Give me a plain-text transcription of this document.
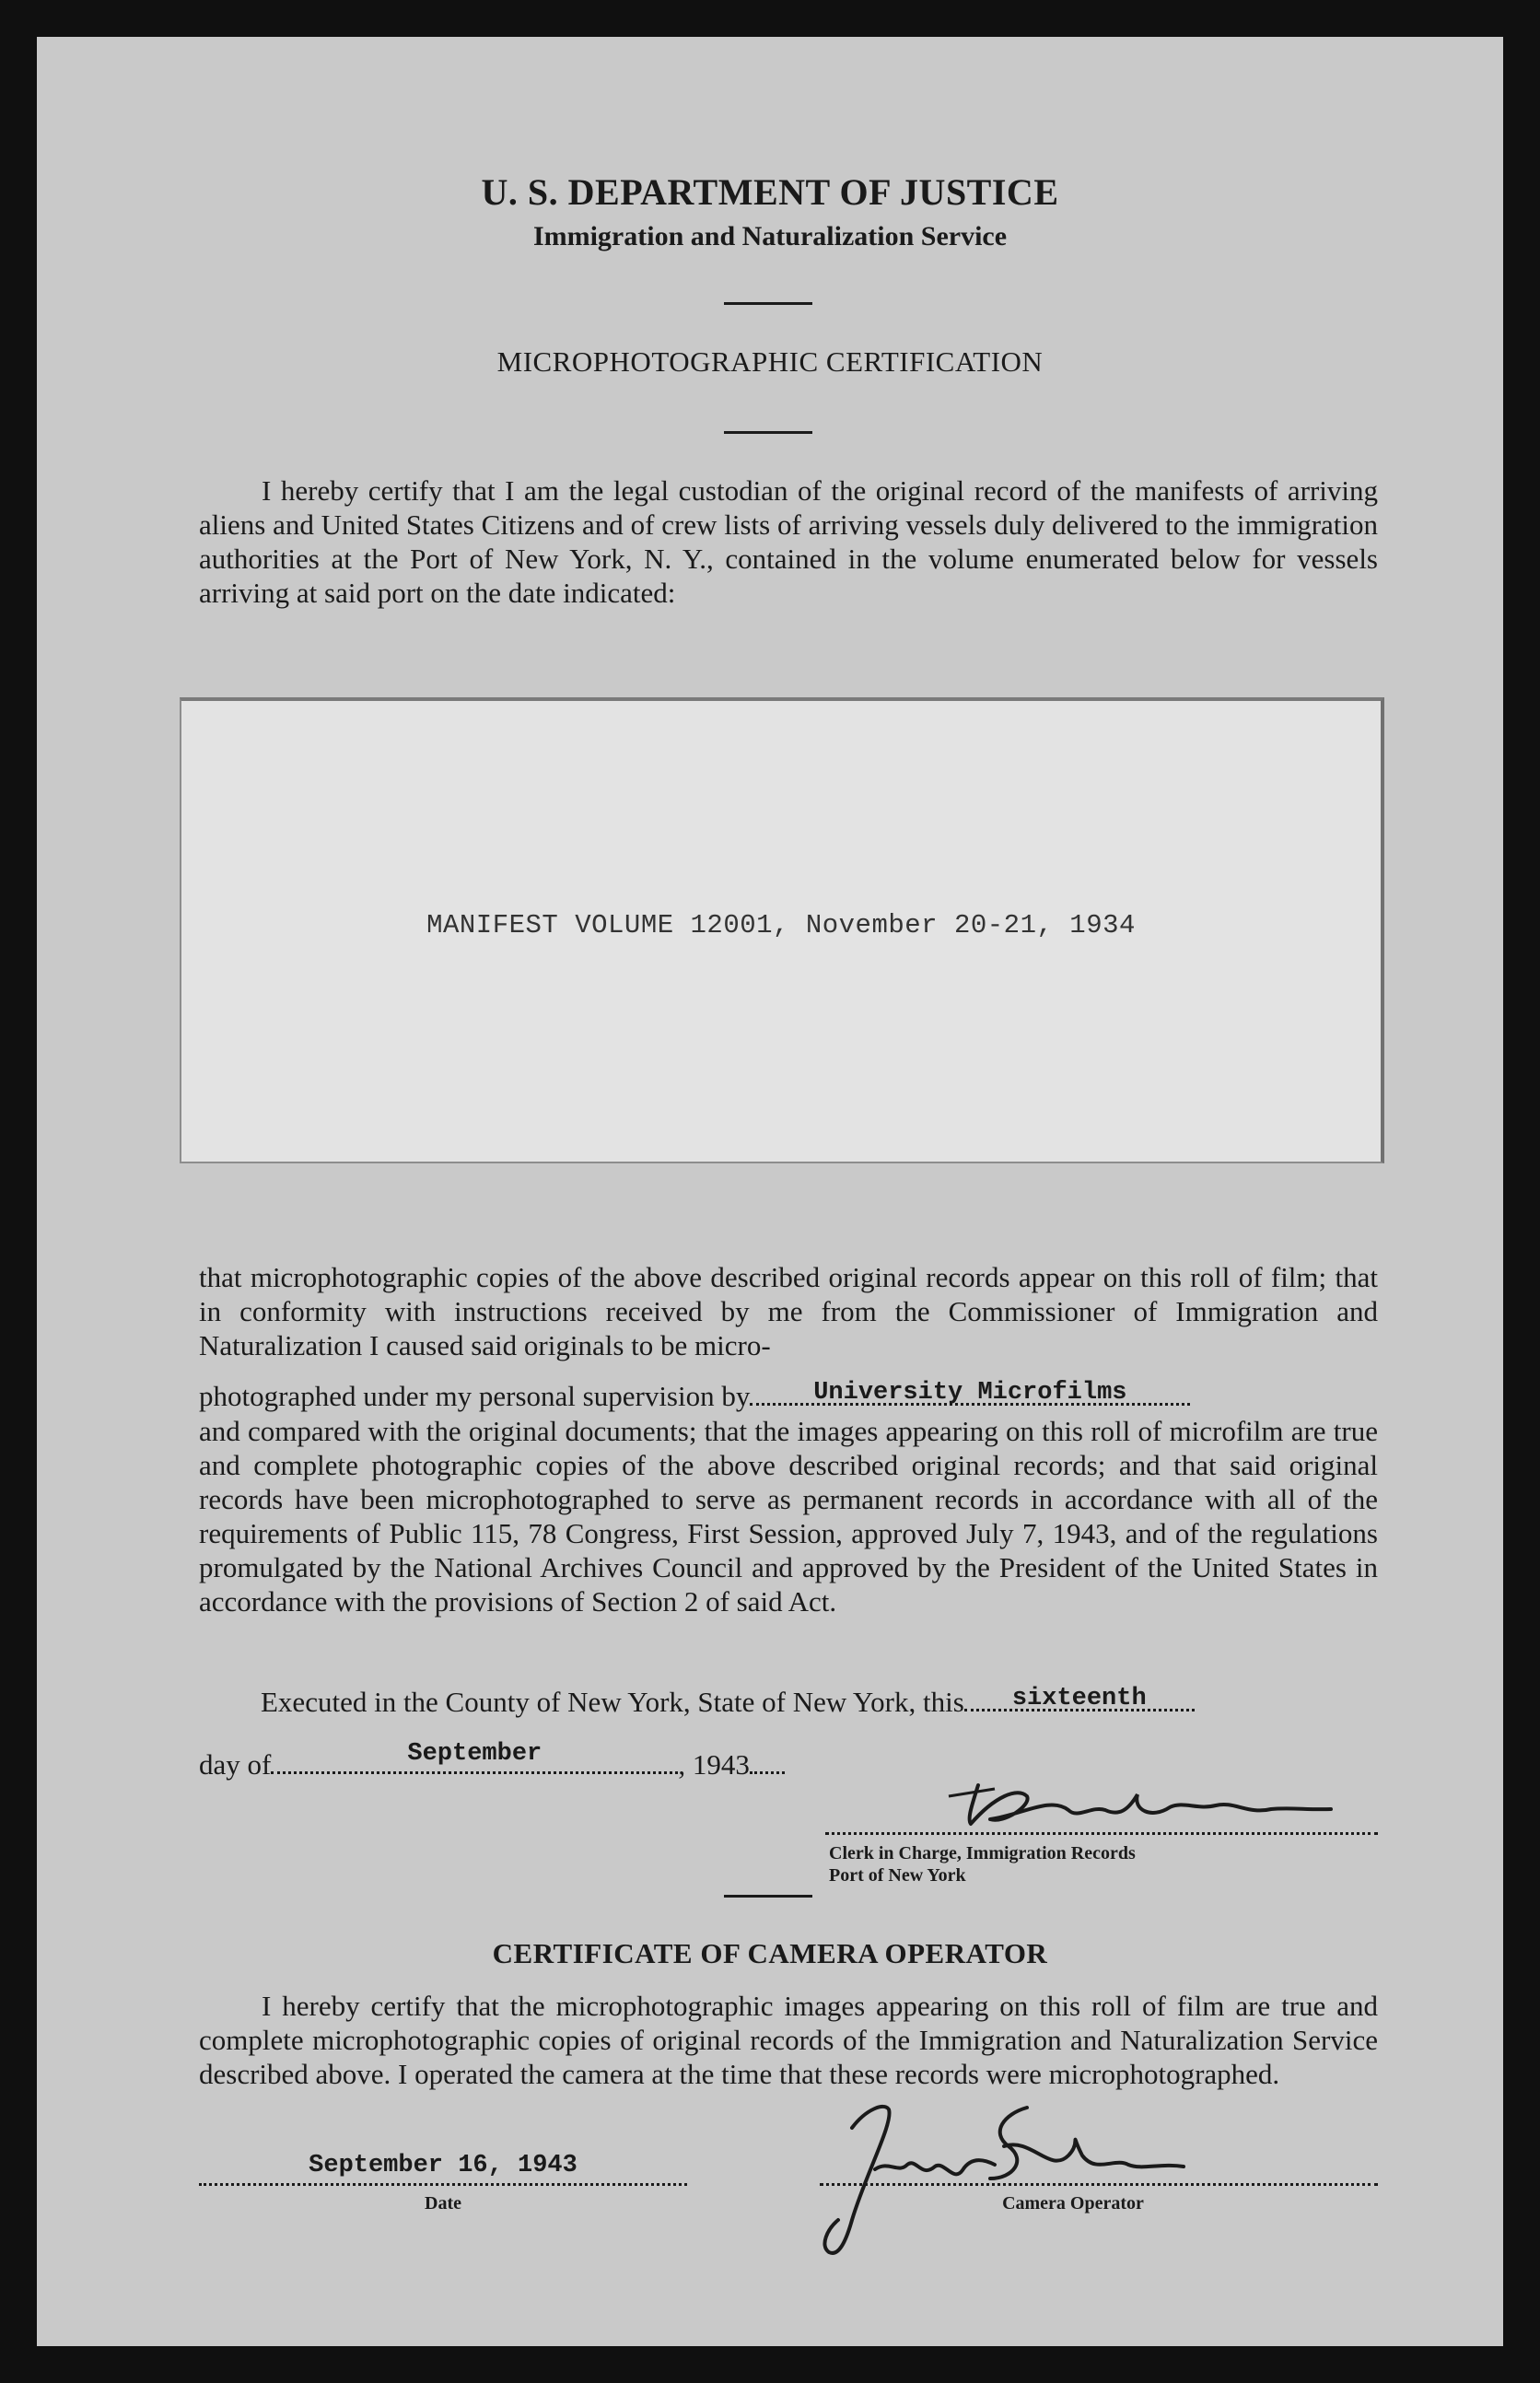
U. S. DEPARTMENT OF JUSTICE
Immigration and Naturalization Service
MICROPHOTOGRAPHIC CERTIFICATION
I hereby certify that I am the legal custodian of the original record of the manifests of arriving aliens and United States Citizens and of crew lists of arriving vessels duly delivered to the immigration authorities at the Port of New York, N. Y., contained in the volume enumerated below for vessels arriving at said port on the date indicated:
MANIFEST VOLUME 12001, November 20-21, 1934
that microphotographic copies of the above described original records appear on this roll of film; that in conformity with instructions received by me from the Commissioner of Immigration and Naturalization I caused said originals to be micro-
photographed under my personal supervision by	University Microfilms
and compared with the original documents; that the images appearing on this roll of microfilm are true and complete photographic copies of the above described original records; and that said original records have been microphotographed to serve as permanent records in accordance with all of the requirements of Public 115, 78 Congress, First Session, approved July 7, 1943, and of the regulations promulgated by the National Archives Council and approved by the President of the United States in accordance with the provisions of Section 2 of said Act.
Executed in the County of New York, State of New York, this	sixteenth
day of	September	, 1943
Clerk in Charge, Immigration Records
Port of New York
CERTIFICATE OF CAMERA OPERATOR
I hereby certify that the microphotographic images appearing on this roll of film are true and complete microphotographic copies of original records of the Immigration and Naturalization Service described above. I operated the camera at the time that these records were microphotographed.
September 16, 1943
Date	Camera Operator
